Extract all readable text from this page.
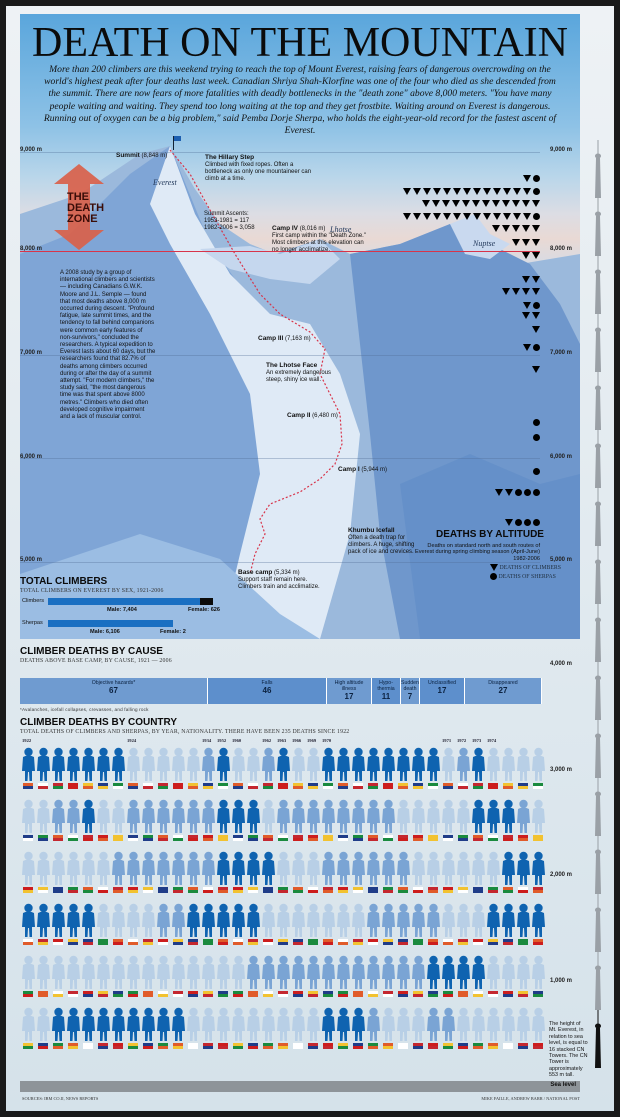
DEATH ON THE MOUNTAIN

More than 200 climbers are this weekend trying to reach the top of Mount Everest, raising fears of dangerous overcrowding on the world's highest peak after four deaths last week. Canadian Shriya Shah-Klorfine was one of the four who died as she descended from the summit. There are now fears of more fatalities with deadly bottlenecks in the "death zone" above 8,000 meters. "You have many people waiting and waiting. They spend too long waiting at the top and they get frostbite. Waiting around on Everest is dangerous. Running out of oxygen can be a big problem," said Pemba Dorje Sherpa, who holds the eight-year-old record for the fastest ascent of Everest.

9,000 m
8,000 m
7,000 m
6,000 m
5,000 m
Everest
Lhotse
Nuptse
THE
DEATH
ZONE
Summit (8,848 m)	The Hillary Step
Climbed with fixed ropes. Often a bottleneck as only one mountaineer can climb at a time.
Summit Ascents:
1953-1981 = 117
1982-2006 = 3,058	Camp IV (8,016 m)
First camp within the "Death Zone." Most climbers at this elevation can no longer acclimatize.
Camp III (7,163 m)
The Lhotse Face
An extremely dangerous steep, shiny ice wall.
Camp II (6,480 m)
Camp I (5,944 m)
Khumbu Icefall
Often a death trap for climbers. A huge, shifting pack of ice and crevices.
Base camp (5,334 m)
Support staff remain here. Climbers train and acclimatize.
A 2008 study by a group of international climbers and scientists — including Canadians G.W.K. Moore and J.L. Semple — found that most deaths above 8,000 m occurred during descent. "Profound fatigue, late summit times, and the tendency to fall behind companions were common early features of non-survivors," concluded the researchers. A typical expedition to Everest lasts about 60 days, but the researchers found that 82.7% of deaths among climbers occurred during or after the day of a summit attempt. "For modern climbers," the study said, "the most dangerous time was that spent above 8000 metres." Climbers who died often developed cognitive impairment and a lack of muscular control.
DEATHS BY ALTITUDE
Deaths on standard north and south routes of Everest during spring climbing season (April-June) 1982-2006
DEATHS OF CLIMBERS
DEATHS OF SHERPAS
TOTAL CLIMBERS
TOTAL CLIMBERS ON EVEREST BY SEX, 1921-2006
Climbers
Male: 7,404	Female: 626
Sherpas
Male: 6,106	Female: 2
CLIMBER DEATHS BY CAUSE
DEATHS ABOVE BASE CAMP, BY CAUSE, 1921 — 2006
Objective hazards*
67
Falls
46
High altitude illness
17
Hypo-thermia
11
Sudden death
7
Unclassified
17
Disappeared
27
*Avalanches, icefall collapses, crevasses, and falling rock
CLIMBER DEATHS BY COUNTRY
TOTAL DEATHS OF CLIMBERS AND SHERPAS, BY YEAR, NATIONALITY. THERE HAVE BEEN 235 DEATHS SINCE 1922
1922	1924	1934 1952 1960	1962 1963 1966 1969 1970	1971 1972 1973 1974
9,000 m
8,000 m
7,000 m
6,000 m
5,000 m
4,000 m
3,000 m
2,000 m
1,000 m
The height of Mt. Everest, in relation to sea level, is equal to 16 stacked CN Towers. The CN Tower is approximately 553 m tall.
Sea level
SOURCES: IBM CO.II, NEWS REPORTS	MIKE FAILLE, ANDREW BARR / NATIONAL POST
